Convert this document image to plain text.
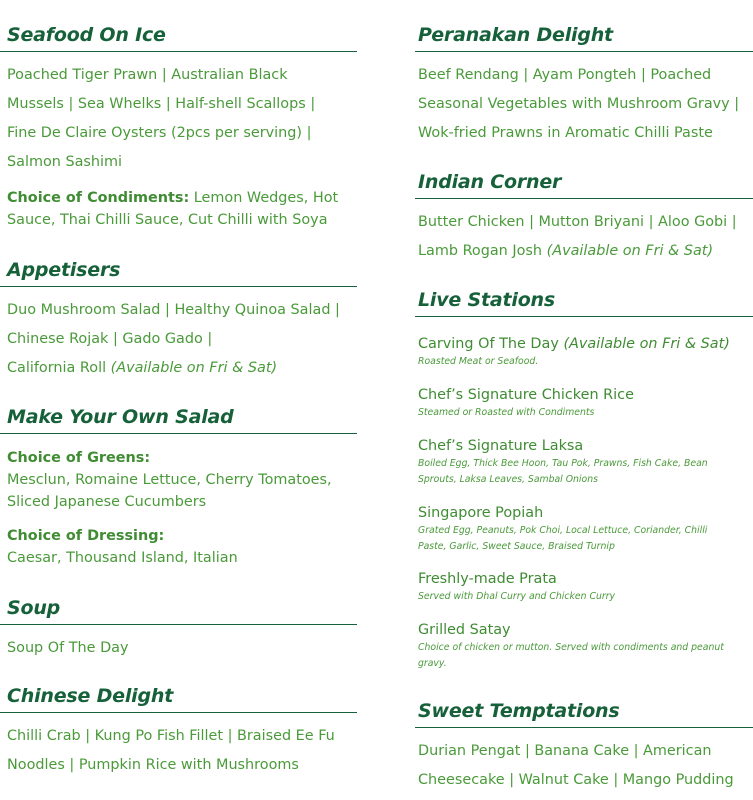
Seafood On Ice
Poached Tiger Prawn | Australian Black
Mussels | Sea Whelks | Half-shell Scallops |
Fine De Claire Oysters (2pcs per serving) |
Salmon Sashimi
Choice of Condiments: Lemon Wedges, Hot
Sauce, Thai Chilli Sauce, Cut Chilli with Soya
Appetisers
Duo Mushroom Salad | Healthy Quinoa Salad |
Chinese Rojak | Gado Gado |
California Roll (Available on Fri & Sat)
Make Your Own Salad
Choice of Greens:
Mesclun, Romaine Lettuce, Cherry Tomatoes,
Sliced Japanese Cucumbers
Choice of Dressing:
Caesar, Thousand Island, Italian
Soup
Soup Of The Day
Chinese Delight
Chilli Crab | Kung Po Fish Fillet | Braised Ee Fu
Noodles | Pumpkin Rice with Mushrooms
Peranakan Delight
Beef Rendang | Ayam Pongteh | Poached
Seasonal Vegetables with Mushroom Gravy |
Wok-fried Prawns in Aromatic Chilli Paste
Indian Corner
Butter Chicken | Mutton Briyani | Aloo Gobi |
Lamb Rogan Josh (Available on Fri & Sat)
Live Stations
Carving Of The Day (Available on Fri & Sat)
Roasted Meat or Seafood.
Chef’s Signature Chicken Rice
Steamed or Roasted with Condiments
Chef’s Signature Laksa
Boiled Egg, Thick Bee Hoon, Tau Pok, Prawns, Fish Cake, Bean
Sprouts, Laksa Leaves, Sambal Onions
Singapore Popiah
Grated Egg, Peanuts, Pok Choi, Local Lettuce, Coriander, Chilli
Paste, Garlic, Sweet Sauce, Braised Turnip
Freshly-made Prata
Served with Dhal Curry and Chicken Curry
Grilled Satay
Choice of chicken or mutton. Served with condiments and peanut
gravy.
Sweet Temptations
Durian Pengat | Banana Cake | American
Cheesecake | Walnut Cake | Mango Pudding
